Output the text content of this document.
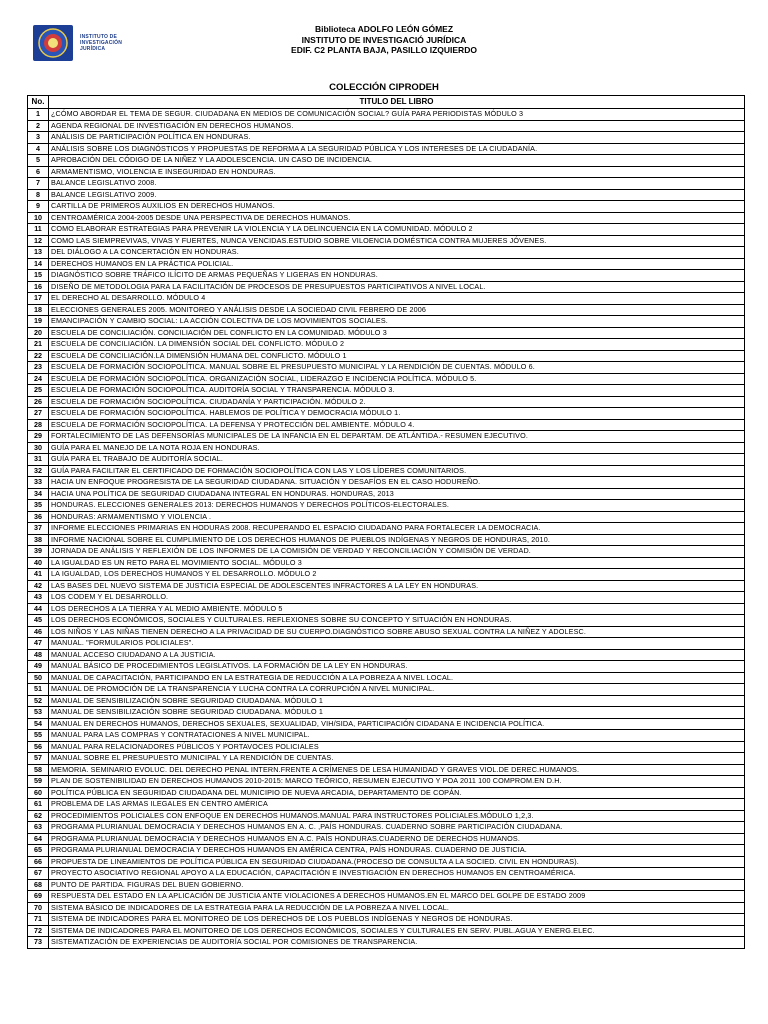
INSTITUTO DE
INVESTIGACIÓN
JURÍDICA
Biblioteca ADOLFO LEÓN GÓMEZ
INSTITUTO DE INVESTIGACIÓ JURÍDICA
EDIF. C2 PLANTA BAJA, PASILLO IZQUIERDO
COLECCIÓN CIPRODEH
No.	TITULO DEL LIBRO
1	¿CÓMO ABORDAR EL TEMA DE SEGUR. CIUDADANA EN MEDIOS DE COMUNICACIÓN SOCIAL? GUÍA PARA PERIODISTAS MÓDULO 3
2	AGENDA REGIONAL DE INVESTIGACIÓN EN DERECHOS HUMANOS.
3	ANÁLISIS DE PARTICIPACIÓN POLÍTICA EN HONDURAS.
4	ANÁLISIS SOBRE LOS DIAGNÓSTICOS Y PROPUESTAS DE REFORMA A LA SEGURIDAD PÚBLICA Y LOS INTERESES DE LA CIUDADANÍA.
5	APROBACIÓN DEL CÓDIGO DE LA NIÑEZ Y LA ADOLESCENCIA. UN CASO DE INCIDENCIA.
6	ARMAMENTISMO, VIOLENCIA E INSEGURIDAD EN HONDURAS.
7	BALANCE LEGISLATIVO 2008.
8	BALANCE LEGISLATIVO 2009.
9	CARTILLA DE PRIMEROS AUXILIOS EN DERECHOS HUMANOS.
10	CENTROAMÉRICA 2004-2005 DESDE UNA PERSPECTIVA DE DERECHOS HUMANOS.
11	COMO ELABORAR ESTRATEGIAS PARA PREVENIR LA VIOLENCIA Y LA DELINCUENCIA EN LA COMUNIDAD. MÓDULO 2
12	COMO LAS SIEMPREVIVAS, VIVAS Y FUERTES, NUNCA VENCIDAS.ESTUDIO SOBRE VILOENCIA DOMÉSTICA CONTRA MUJERES JÓVENES.
13	DEL DIÁLOGO A LA CONCERTACIÓN EN HONDURAS.
14	DERECHOS HUMANOS EN LA PRÁCTICA POLICIAL.
15	DIAGNÓSTICO SOBRE TRÁFICO ILÍCITO DE ARMAS PEQUEÑAS Y LIGERAS EN HONDURAS.
16	DISEÑO DE METODOLOGIA PARA LA FACILITACIÓN DE PROCESOS DE PRESUPUESTOS PARTICIPATIVOS A NIVEL LOCAL.
17	EL DERECHO AL DESARROLLO. MÓDULO 4
18	ELECCIONES GENERALES 2005. MONITOREO Y ANÁLISIS DESDE LA SOCIEDAD CIVIL FEBRERO DE 2006
19	EMANCIPACIÓN Y CAMBIO SOCIAL: LA ACCIÓN COLECTIVA DE LOS MOVIMIENTOS SOCIALES.
20	ESCUELA DE CONCILIACIÓN. CONCILIACIÓN DEL CONFLICTO EN LA COMUNIDAD. MÓDULO 3
21	ESCUELA DE CONCILIACIÓN. LA DIMENSIÓN SOCIAL DEL CONFLICTO. MÓDULO 2
22	ESCUELA DE CONCILIACIÓN.LA DIMENSIÓN HUMANA DEL CONFLICTO. MÓDULO 1
23	ESCUELA DE FORMACIÓN SOCIOPOLÍTICA. MANUAL SOBRE EL PRESUPUESTO MUNICIPAL Y LA RENDICIÓN DE CUENTAS. MÓDULO 6.
24	ESCUELA DE FORMACIÓN SOCIOPOLÍTICA. ORGANIZACIÓN SOCIAL, LIDERAZGO E INCIDENCIA POLÍTICA. MÓDULO 5.
25	ESCUELA DE FORMACIÓN SOCIOPOLÍTICA. AUDITORÍA SOCIAL Y TRANSPARENCIA. MÓDULO 3.
26	ESCUELA DE FORMACIÓN SOCIOPOLÍTICA. CIUDADANÍA Y PARTICIPACIÓN. MÓDULO 2.
27	ESCUELA DE FORMACIÓN SOCIOPOLÍTICA. HABLEMOS DE POLÍTICA Y DEMOCRACIA MÓDULO 1.
28	ESCUELA DE FORMACIÓN SOCIOPOLÍTICA. LA DEFENSA Y PROTECCIÓN DEL AMBIENTE. MÓDULO 4.
29	FORTALECIMIENTO DE LAS DEFENSORÍAS MUNICIPALES DE LA INFANCIA EN EL DEPARTAM. DE ATLÁNTIDA.- RESUMEN EJECUTIVO.
30	GUÍA PARA EL MANEJO DE LA NOTA ROJA EN HONDURAS.
31	GUÍA PARA EL TRABAJO DE AUDITORÍA SOCIAL.
32	GUÍA PARA FACILITAR EL CERTIFICADO DE FORMACIÓN SOCIOPOLÍTICA CON LAS Y LOS LÍDERES COMUNITARIOS.
33	HACIA UN ENFOQUE PROGRESISTA DE LA SEGURIDAD CIUDADANA. SITUACIÓN Y DESAFÍOS EN EL CASO HODUREÑO.
34	HACIA UNA POLÍTICA DE SEGURIDAD CIUDADANA INTEGRAL EN HONDURAS. HONDURAS, 2013
35	HONDURAS. ELECCIONES GENERALES 2013: DERECHOS HUMANOS Y DERECHOS POLÍTICOS-ELECTORALES.
36	HONDURAS: ARMAMENTISMO Y VIOLENCIA .
37	INFORME ELECCIONES PRIMARIAS EN HODURAS 2008. RECUPERANDO EL ESPACIO CIUDADANO PARA FORTALECER LA DEMOCRACIA.
38	INFORME NACIONAL SOBRE EL CUMPLIMIENTO DE LOS DERECHOS HUMANOS DE PUEBLOS INDÍGENAS Y NEGROS DE HONDURAS, 2010.
39	JORNADA DE ANÁLISIS Y REFLEXIÓN DE LOS INFORMES DE LA COMISIÓN DE VERDAD Y RECONCILIACIÓN Y COMISIÓN DE VERDAD.
40	LA IGUALDAD ES UN RETO PARA EL MOVIMIENTO SOCIAL. MÓDULO 3
41	LA IGUALDAD, LOS DERECHOS HUMANOS Y EL DESARROLLO. MÓDULO 2
42	LAS BASES DEL NUEVO SISTEMA DE JUSTICIA ESPECIAL DE ADOLESCENTES INFRACTORES A LA LEY EN HONDURAS.
43	LOS CODEM Y EL DESARROLLO.
44	LOS DERECHOS A LA TIERRA Y AL MEDIO AMBIENTE. MÓDULO 5
45	LOS DERECHOS ECONÓMICOS, SOCIALES Y CULTURALES. REFLEXIONES SOBRE SU CONCEPTO Y SITUACIÓN EN HONDURAS.
46	LOS NIÑOS Y LAS NIÑAS TIENEN DERECHO A LA PRIVACIDAD DE SU CUERPO.DIAGNÓSTICO SOBRE ABUSO SEXUAL CONTRA LA NIÑEZ Y ADOLESC.
47	MANUAL. "FORMULARIOS POLICIALES".
48	MANUAL ACCESO CIUDADANO A LA JUSTICIA.
49	MANUAL BÁSICO DE PROCEDIMIENTOS LEGISLATIVOS. LA FORMACIÓN DE LA LEY EN HONDURAS.
50	MANUAL DE CAPACITACIÓN, PARTICIPANDO EN LA ESTRATEGIA DE REDUCCIÓN A LA POBREZA A NIVEL LOCAL.
51	MANUAL DE PROMOCIÓN DE LA TRANSPARENCIA Y LUCHA CONTRA LA CORRUPCIÓN A NIVEL MUNICIPAL.
52	MANUAL DE SENSIBILIZACIÓN SOBRE SEGURIDAD CIUDADANA. MÓDULO 1
53	MANUAL DE SENSIBILIZACIÓN SOBRE SEGURIDAD CIUDADANA. MÓDULO 1
54	MANUAL EN DERECHOS HUMANOS, DERECHOS SEXUALES, SEXUALIDAD, VIH/SIDA, PARTICIPACIÓN CIDADANA E INCIDENCIA POLÍTICA.
55	MANUAL PARA LAS COMPRAS Y CONTRATACIONES A NIVEL MUNICIPAL.
56	MANUAL PARA RELACIONADORES PÚBLICOS Y PORTAVOCES POLICIALES
57	MANUAL SOBRE EL PRESUPUESTO MUNICIPAL Y LA RENDICIÓN DE CUENTAS.
58	MEMORIA. SEMINARIO EVOLUC. DEL DERECHO PENAL INTERN.FRENTE A CRÍMENES DE LESA HUMANIDAD Y GRAVES VIOL.DE DEREC.HUMANOS.
59	PLAN DE SOSTENIBILIDAD EN DERECHOS HUMANOS 2010-2015: MARCO TEÓRICO, RESUMEN EJECUTIVO Y POA 2011 100 COMPROM.EN D.H.
60	POLÍTICA PÚBLICA EN SEGURIDAD CIUDADANA DEL MUNICIPIO DE NUEVA ARCADIA, DEPARTAMENTO DE COPÁN.
61	PROBLEMA DE LAS ARMAS ILEGALES EN CENTRO AMÉRICA
62	PROCEDIMIENTOS POLICIALES CON ENFOQUE EN DERECHOS HUMANOS.MANUAL PARA INSTRUCTORES POLICIALES.MÓDULO 1,2,3.
63	PROGRAMA PLURIANUAL DEMOCRACIA Y DERECHOS HUMANOS EN A. C. ,PAÍS HONDURAS. CUADERNO SOBRE PARTICIPACIÓN CIUDADANA.
64	PROGRAMA PLURIANUAL DEMOCRACIA Y DERECHOS HUMANOS EN A.C. PAÍS HONDURAS.CUADERNO DE DERECHOS HUMANOS.
65	PROGRAMA PLURIANUAL DEMOCRACIA Y DERECHOS HUMANOS EN AMÉRICA CENTRA, PAÍS HONDURAS. CUADERNO DE JUSTICIA.
66	PROPUESTA DE LINEAMIENTOS DE POLÍTICA PÚBLICA EN SEGURIDAD CIUDADANA.(PROCESO DE CONSULTA A LA SOCIED. CIVIL EN HONDURAS).
67	PROYECTO ASOCIATIVO REGIONAL APOYO A LA EDUCACIÓN, CAPACITACIÓN E INVESTIGACIÓN EN DERECHOS HUMANOS EN CENTROAMÉRICA.
68	PUNTO DE PARTIDA. FIGURAS DEL BUEN GOBIERNO.
69	RESPUESTA DEL ESTADO EN LA APLICACIÓN DE JUSTICIA ANTE VIOLACIONES A DERECHOS HUMANOS.EN EL MARCO DEL GOLPE DE ESTADO 2009
70	SISTEMA BÁSICO DE INDICADORES DE LA ESTRATEGIA PARA LA REDUCCIÓN DE LA POBREZA A NIVEL LOCAL.
71	SISTEMA DE INDICADORES PARA EL MONITOREO DE LOS DERECHOS DE LOS PUEBLOS INDÍGENAS Y NEGROS DE HONDURAS.
72	SISTEMA DE INDICADORES PARA EL MONITOREO DE LOS DERECHOS ECONÓMICOS, SOCIALES Y CULTURALES EN SERV. PUBL.AGUA Y ENERG.ELEC.
73	SISTEMATIZACIÓN DE EXPERIENCIAS DE AUDITORÍA SOCIAL POR COMISIONES DE TRANSPARENCIA.
